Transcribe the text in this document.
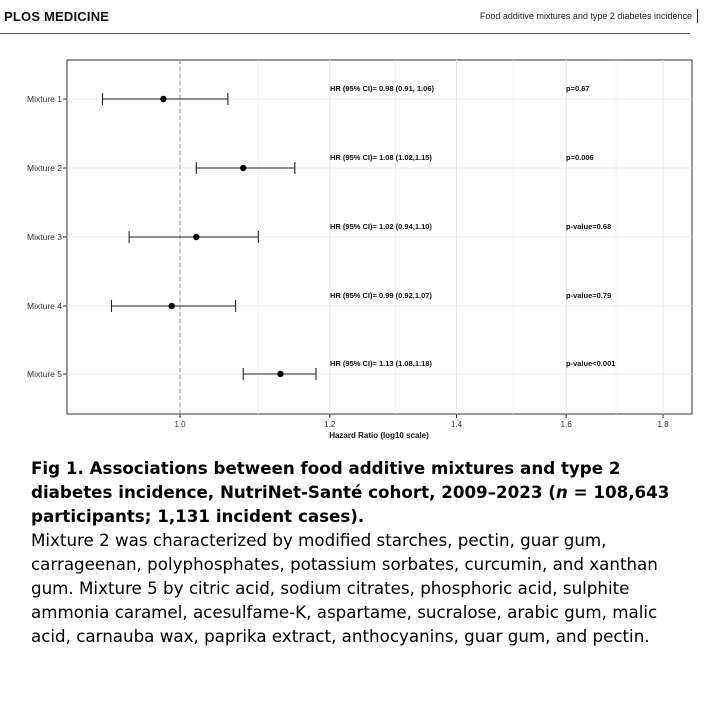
PLOS MEDICINE	Food additive mixtures and type 2 diabetes incidence
Mixture 1
HR (95% CI)= 0.98 (0.91, 1.06)	p=0.67
Mixture 2
HR (95% CI)= 1.08 (1.02,1.15)	p=0.006
Mixture 3
HR (95% CI)= 1.02 (0.94,1.10)	p-value=0.68
Mixture 4
HR (95% CI)= 0.99 (0.92,1.07)	p-value=0.79
Mixture 5
HR (95% CI)= 1.13 (1.08,1.18)	p-value<0.001
1.0	1.2	1.4	1.6	1.8
Hazard Ratio (log10 scale)
Fig 1. Associations between food additive mixtures and type 2 diabetes incidence, NutriNet-Santé cohort, 2009–2023 (n = 108,643 participants; 1,131 incident cases).
Mixture 2 was characterized by modified starches, pectin, guar gum, carrageenan, polyphosphates, potassium sorbates, curcumin, and xanthan gum. Mixture 5 by citric acid, sodium citrates, phosphoric acid, sulphite ammonia caramel, acesulfame-K, aspartame, sucralose, arabic gum, malic acid, carnauba wax, paprika extract, anthocyanins, guar gum, and pectin.
